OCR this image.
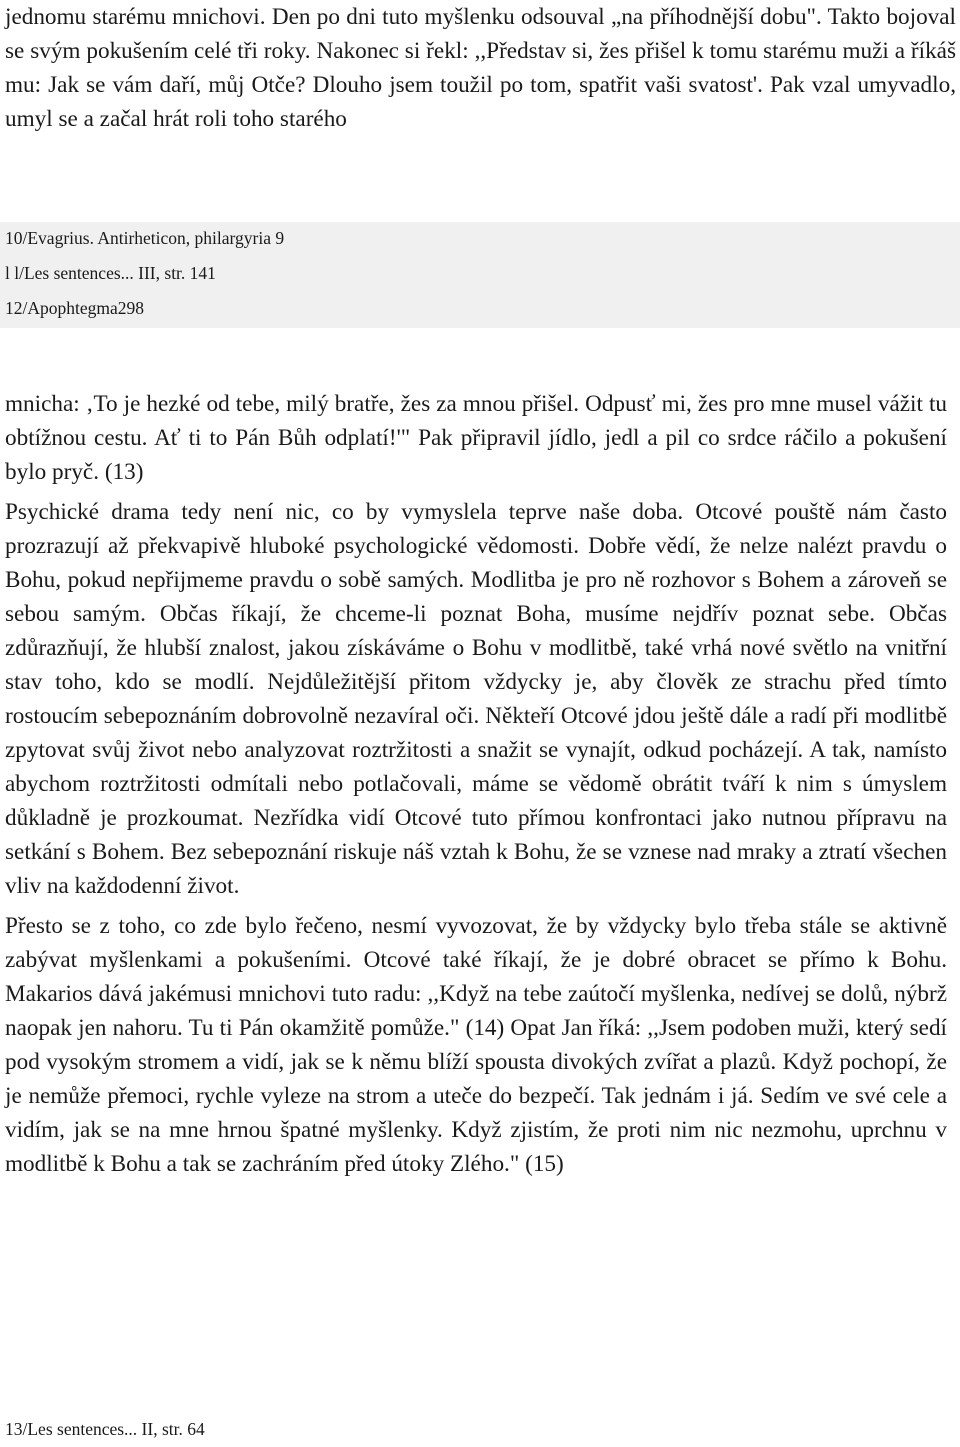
jednomu starému mnichovi. Den po dni tuto myšlenku odsouval „na příhodnější dobu". Takto bojoval se svým pokušením celé tři roky. Nakonec si řekl: ,,Představ si, žes přišel k tomu starému muži a říkáš mu: Jak se vám daří, můj Otče? Dlouho jsem toužil po tom, spatřit vaši svatost'. Pak vzal umyvadlo, umyl se a začal hrát roli toho starého

10/Evagrius. Antirheticon, philargyria 9
l l/Les sentences... III, str. 141
12/Apophtegma298

mnicha: ‚To je hezké od tebe, milý bratře, žes za mnou přišel. Odpusť mi, žes pro mne musel vážit tu obtížnou cestu. Ať ti to Pán Bůh odplatí!'" Pak připravil jídlo, jedl a pil co srdce ráčilo a pokušení bylo pryč. (13)

Psychické drama tedy není nic, co by vymyslela teprve naše doba. Otcové pouště nám často prozrazují až překvapivě hluboké psychologické vědomosti. Dobře vědí, že nelze nalézt pravdu o Bohu, pokud nepřijmeme pravdu o sobě samých. Modlitba je pro ně rozhovor s Bohem a zároveň se sebou samým. Občas říkají, že chceme-li poznat Boha, musíme nejdřív poznat sebe. Občas zdůrazňují, že hlubší znalost, jakou získáváme o Bohu v modlitbě, také vrhá nové světlo na vnitřní stav toho, kdo se modlí. Nejdůležitější přitom vždycky je, aby člověk ze strachu před tímto rostoucím sebepoznáním dobrovolně nezavíral oči. Někteří Otcové jdou ještě dále a radí při modlitbě zpytovat svůj život nebo analyzovat roztržitosti a snažit se vynajít, odkud pocházejí. A tak, namísto abychom roztržitosti odmítali nebo potlačovali, máme se vědomě obrátit tváří k nim s úmyslem důkladně je prozkoumat. Nezřídka vidí Otcové tuto přímou konfrontaci jako nutnou přípravu na setkání s Bohem. Bez sebepoznání riskuje náš vztah k Bohu, že se vznese nad mraky a ztratí všechen vliv na každodenní život.

Přesto se z toho, co zde bylo řečeno, nesmí vyvozovat, že by vždycky bylo třeba stále se aktivně zabývat myšlenkami a pokušeními. Otcové také říkají, že je dobré obracet se přímo k Bohu. Makarios dává jakémusi mnichovi tuto radu: ,,Když na tebe zaútočí myšlenka, nedívej se dolů, nýbrž naopak jen nahoru. Tu ti Pán okamžitě pomůže." (14) Opat Jan říká: ,,Jsem podoben muži, který sedí pod vysokým stromem a vidí, jak se k němu blíží spousta divokých zvířat a plazů. Když pochopí, že je nemůže přemoci, rychle vyleze na strom a uteče do bezpečí. Tak jednám i já. Sedím ve své cele a vidím, jak se na mne hrnou špatné myšlenky. Když zjistím, že proti nim nic nezmohu, uprchnu v modlitbě k Bohu a tak se zachráním před útoky Zlého." (15)

13/Les sentences... II, str. 64
